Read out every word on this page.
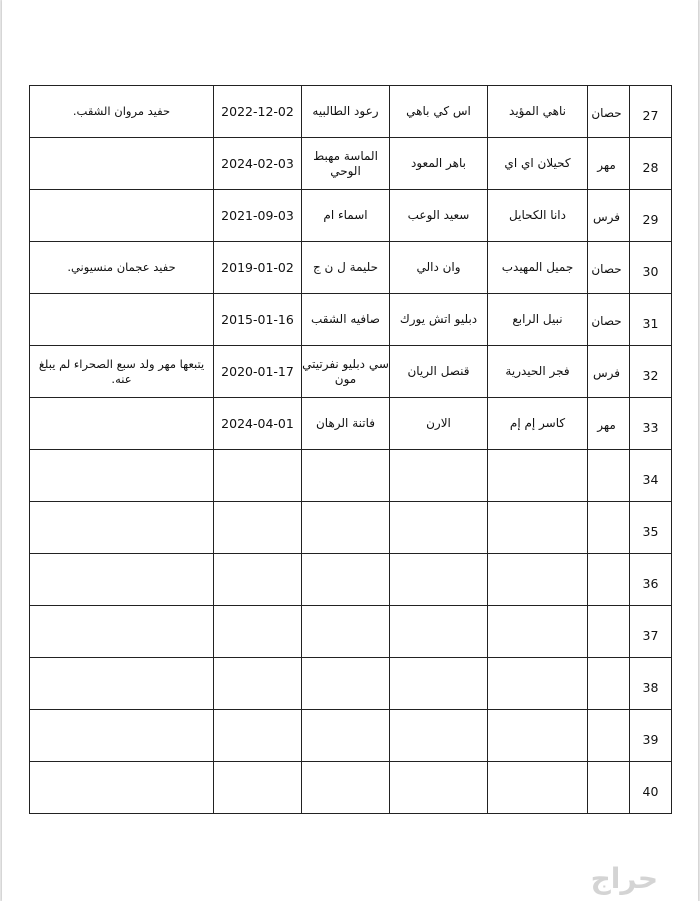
27	حصان	ناهي المؤيد	اس كي باهي	رعود الطالبيه	2022-12-02	حفيد مروان الشقب.
28	مهر	كحيلان اي اي	باهر المعود	الماسة مهبط الوحي	2024-02-03	
29	فرس	دانا الكحايل	سعيد الوعب	اسماء ام	2021-09-03	
30	حصان	جميل المهيدب	وان دالي	حليمة ل ن ج	2019-01-02	حفيد عجمان منسيوني.
31	حصان	نبيل الرابع	دبليو اتش يورك	صافيه الشقب	2015-01-16	
32	فرس	فجر الحيدرية	قنصل الريان	سي دبليو نفرتيتي مون	2020-01-17	يتبعها مهر ولد سبع الصحراء لم يبلغ عنه.
33	مهر	كاسر إم إم	الارن	فاتنة الرهان	2024-04-01	
34						
35						
36						
37						
38						
39						
40						
حراج
